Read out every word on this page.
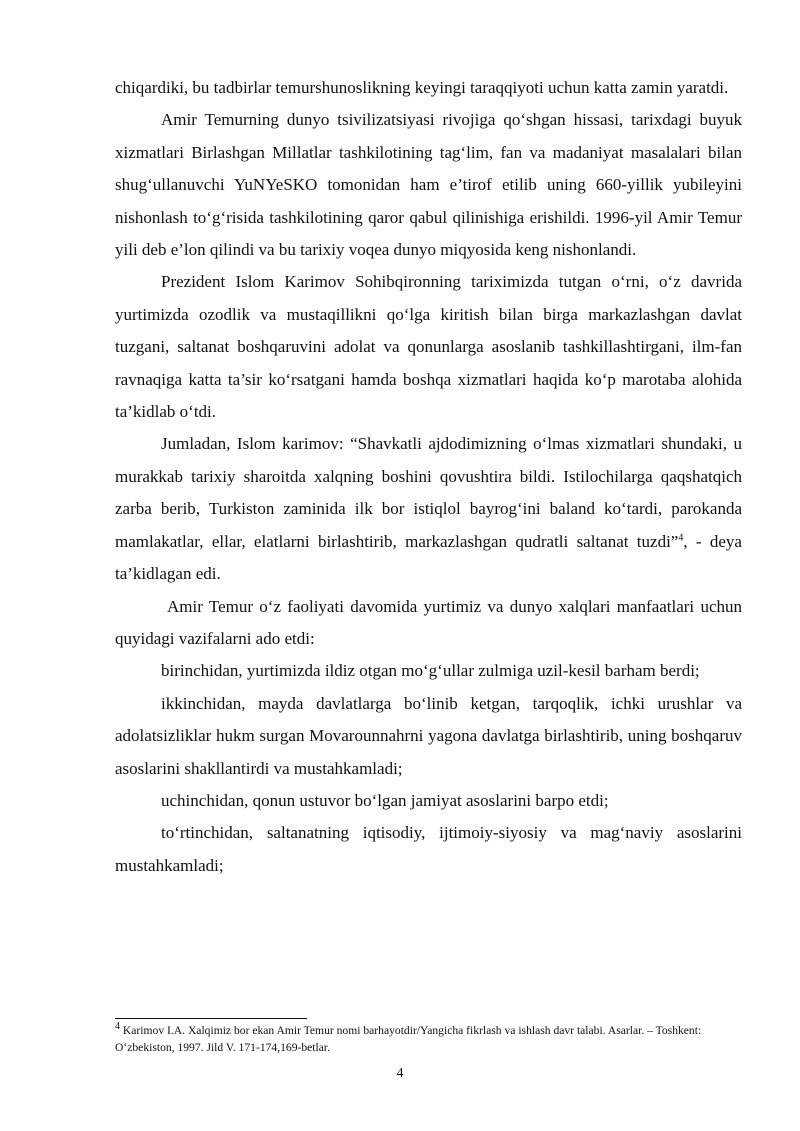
chiqardiki, bu tadbirlar temurshunoslikning keyingi taraqqiyoti uchun katta zamin yaratdi.

Amir Temurning dunyo tsivilizatsiyasi rivojiga qo‘shgan hissasi, tarixdagi buyuk xizmatlari Birlashgan Millatlar tashkilotining tag‘lim, fan va madaniyat masalalari bilan shug‘ullanuvchi YuNYeSKO tomonidan ham e’tirof etilib uning 660-yillik yubileyini nishonlash to‘g‘risida tashkilotining qaror qabul qilinishiga erishildi. 1996-yil Amir Temur yili deb e’lon qilindi va bu tarixiy voqea dunyo miqyosida keng nishonlandi.

Prezident Islom Karimov Sohibqironning tariximizda tutgan o‘rni, o‘z davrida yurtimizda ozodlik va mustaqillikni qo‘lga kiritish bilan birga markazlashgan davlat tuzgani, saltanat boshqaruvini adolat va qonunlarga asoslanib tashkillashtirgani, ilm-fan ravnaqiga katta ta’sir ko‘rsatgani hamda boshqa xizmatlari haqida ko‘p marotaba alohida ta’kidlab o‘tdi.

Jumladan, Islom karimov: “Shavkatli ajdodimizning o‘lmas xizmatlari shundaki, u murakkab tarixiy sharoitda xalqning boshini qovushtira bildi. Istilochilarga qaqshatqich zarba berib, Turkiston zaminida ilk bor istiqlol bayrog‘ini baland ko‘tardi, parokanda mamlakatlar, ellar, elatlarni birlashtirib, markazlashgan qudratli saltanat tuzdi”$^4$, - deya ta’kidlagan edi.

Amir Temur o‘z faoliyati davomida yurtimiz va dunyo xalqlari manfaatlari uchun quyidagi vazifalarni ado etdi:

birinchidan, yurtimizda ildiz otgan mo‘g‘ullar zulmiga uzil-kesil barham berdi;

ikkinchidan, mayda davlatlarga bo‘linib ketgan, tarqoqlik, ichki urushlar va adolatsizliklar hukm surgan Movarounnahrni yagona davlatga birlashtirib, uning boshqaruv asoslarini shakllantirdi va mustahkamladi;

uchinchidan, qonun ustuvor bo‘lgan jamiyat asoslarini barpo etdi;

to‘rtinchidan, saltanatning iqtisodiy, ijtimoiy-siyosiy va mag‘naviy asoslarini mustahkamladi;

$^4$ Karimov I.A. Xalqimiz bor ekan Amir Temur nomi barhayotdir/Yangicha fikrlash va ishlash davr talabi. Asarlar. – Toshkent: O‘zbekiston, 1997. Jild V. 171-174,169-betlar.
4
